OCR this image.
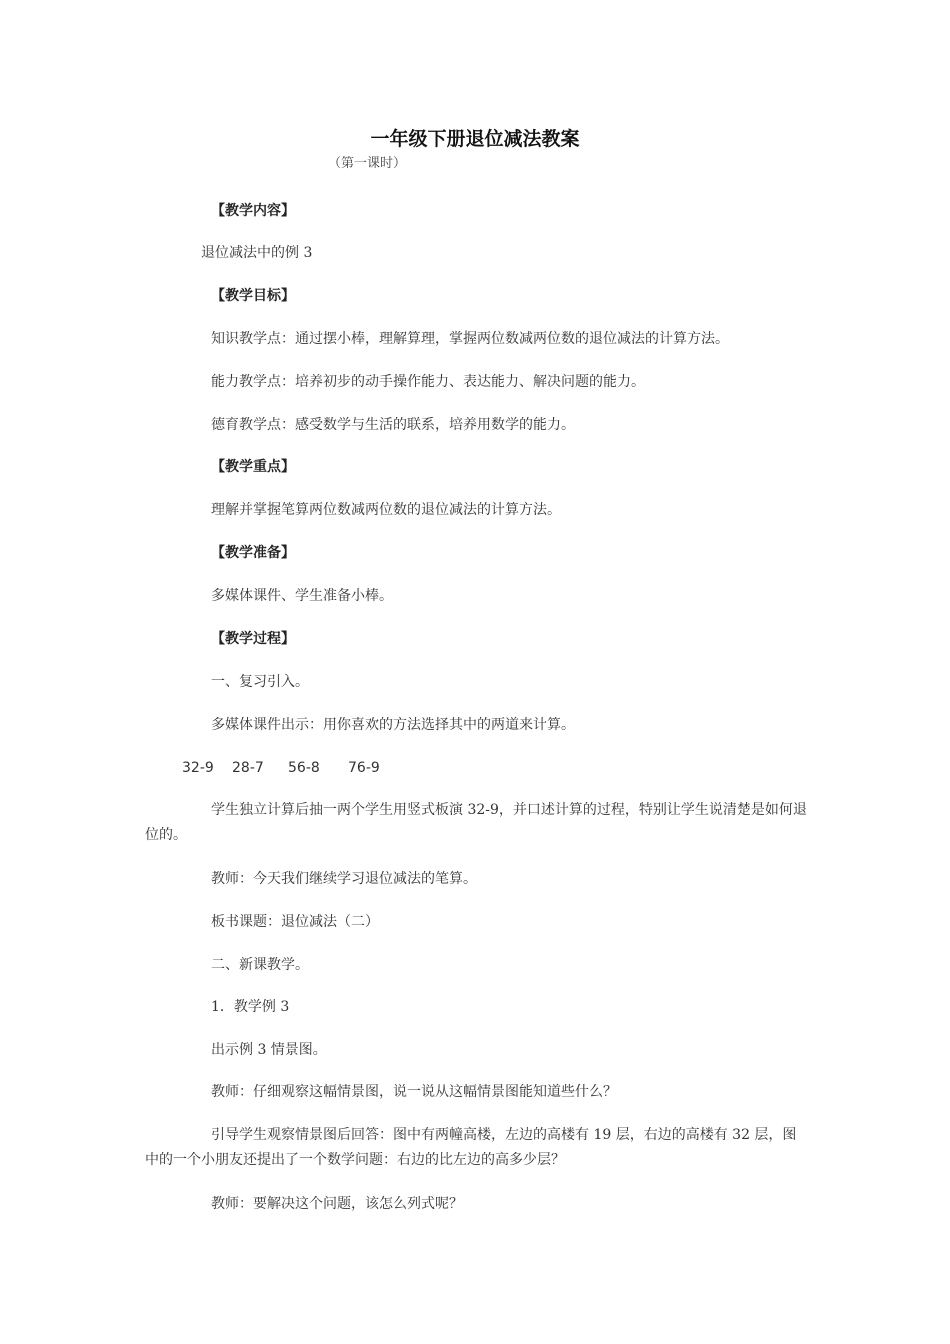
一年级下册退位减法教案
（第一课时）
【教学内容】
退位减法中的例 3
【教学目标】
知识教学点：通过摆小棒，理解算理，掌握两位数减两位数的退位减法的计算方法。
能力教学点：培养初步的动手操作能力、表达能力、解决问题的能力。
德育教学点：感受数学与生活的联系，培养用数学的能力。
【教学重点】
理解并掌握笔算两位数减两位数的退位减法的计算方法。
【教学准备】
多媒体课件、学生准备小棒。
【教学过程】
一、复习引入。
多媒体课件出示：用你喜欢的方法选择其中的两道来计算。
32-9 28-7 56-8 76-9
学生独立计算后抽一两个学生用竖式板演 32-9，并口述计算的过程，特别让学生说清楚是如何退位的。
教师：今天我们继续学习退位减法的笔算。
板书课题：退位减法（二）
二、新课教学。
1．教学例 3
出示例 3 情景图。
教师：仔细观察这幅情景图，说一说从这幅情景图能知道些什么？
引导学生观察情景图后回答：图中有两幢高楼，左边的高楼有 19 层，右边的高楼有 32 层，图中的一个小朋友还提出了一个数学问题：右边的比左边的高多少层？
教师：要解决这个问题，该怎么列式呢？
